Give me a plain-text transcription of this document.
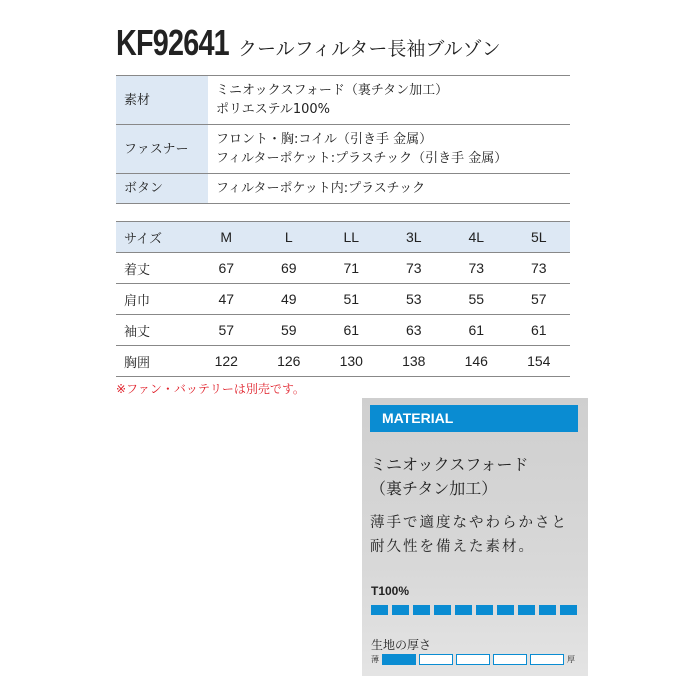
KF92641 クールフィルター長袖ブルゾン
素材	ミニオックスフォード（裏チタン加工）
ポリエステル100%

ファスナー	フロント・胸:コイル（引き手 金属）
フィルターポケット:プラスチック（引き手 金属）

ボタン	フィルターポケット内:プラスチック
サイズ	M	L	LL	3L	4L	5L
着丈	67	69	71	73	73	73
肩巾	47	49	51	53	55	57
袖丈	57	59	61	63	61	61
胸囲	122	126	130	138	146	154
※ファン・バッテリーは別売です。
MATERIAL
ミニオックスフォード
（裏チタン加工）
薄手で適度なやわらかさと
耐久性を備えた素材。
T100%
生地の厚さ
薄	厚
